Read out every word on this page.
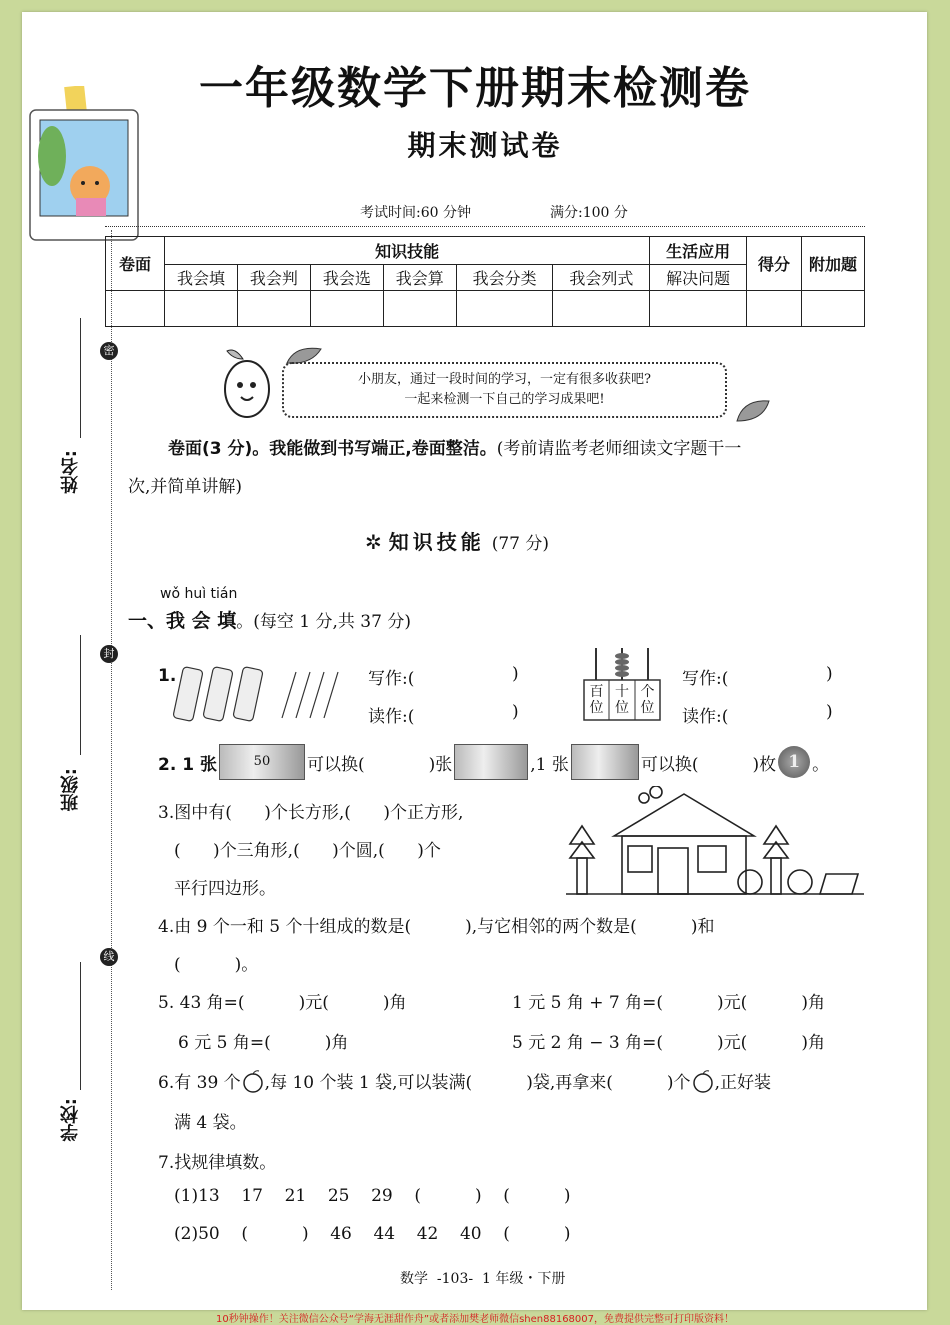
一年级数学下册期末检测卷
期末测试卷
考试时间:60 分钟	满分:100 分
密
封
线
姓名:
班级:
学校:
卷面	知识技能						生活应用	得分	附加题
	我会填	我会判	我会选	我会算	我会分类	我会列式	解决问题		

小朋友，通过一段时间的学习，一定有很多收获吧?
一起来检测一下自己的学习成果吧!
卷面(3 分)。我能做到书写端正,卷面整洁。(考前请监考老师细读文字题干一
次,并简单讲解)
✲ 知识技能 (77 分)
wǒ huì tián
一、我 会 填。(每空 1 分,共 37 分)
1.	写作:(	)
读作:(	)
百
位
十
位
个
位
写作:(	)
读作:(	)
2. 1 张	50	可以换(	)张	,1 张	可以换(	)枚 1 。
3.图中有(      )个长方形,(      )个正方形,
(      )个三角形,(      )个圆,(      )个
平行四边形。
4.由 9 个一和 5 个十组成的数是(          ),与它相邻的两个数是(          )和
(          )。
5. 43 角=(          )元(          )角	1 元 5 角 + 7 角=(          )元(          )角
6 元 5 角=(          )角	5 元 2 角 − 3 角=(          )元(          )角
6.有 39 个 ,每 10 个装 1 袋,可以装满(          )袋,再拿来(          )个 ,正好装
满 4 袋。
7.找规律填数。
(1)13    17    21    25    29    (          )    (          )
(2)50    (          )    46    44    42    40    (          )
数学  -103-  1 年级・下册
10秒钟操作！关注微信公众号“学海无涯甜作舟”或者添加樊老师微信shen88168007，免费提供完整可打印版资料！
